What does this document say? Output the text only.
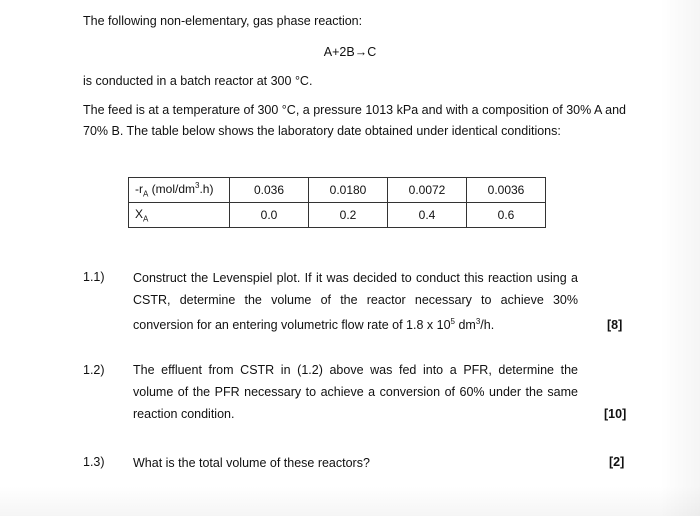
The following non-elementary, gas phase reaction:
A+2B→C
is conducted in a batch reactor at 300 °C.
The feed is at a temperature of 300 °C, a pressure 1013 kPa and with a composition of 30% A and 70% B. The table below shows the laboratory date obtained under identical conditions:
$-r_A$ $(mol/dm^3.h)$	0.036	0.0180	0.0072	0.0036
$X_A$	0.0	0.2	0.4	0.6
1.1) Construct the Levenspiel plot. If it was decided to conduct this reaction using a CSTR, determine the volume of the reactor necessary to achieve 30% conversion for an entering volumetric flow rate of 1.8 x $10^5$ $dm^3/h$.	[8]
1.2) The effluent from CSTR in (1.2) above was fed into a PFR, determine the volume of the PFR necessary to achieve a conversion of 60% under the same reaction condition.	[10]
1.3) What is the total volume of these reactors?	[2]
